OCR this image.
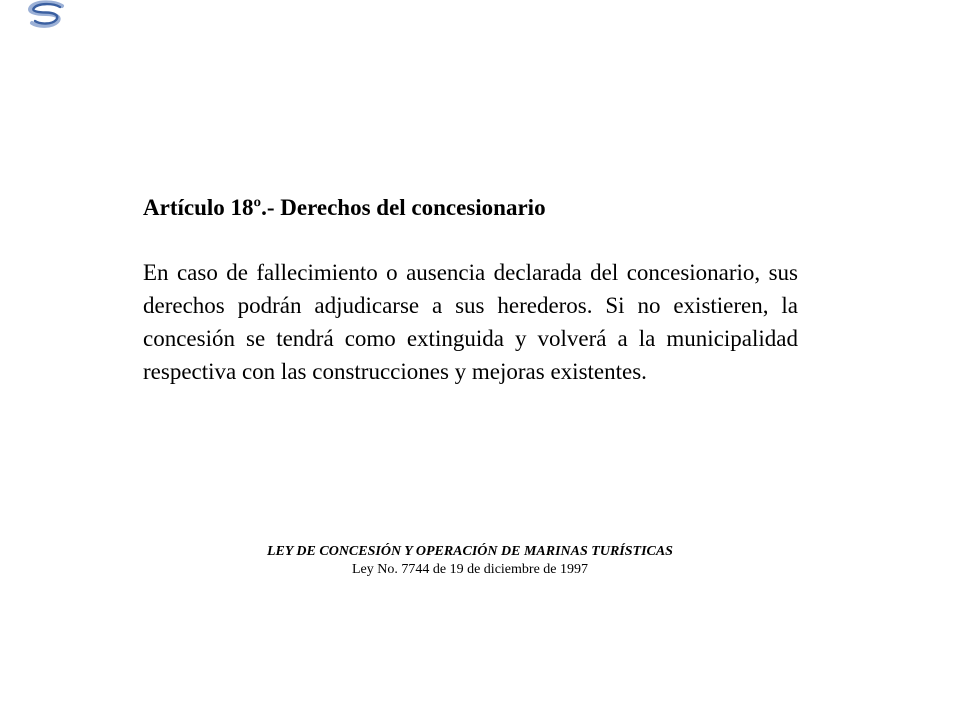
Artículo 18º.- Derechos del concesionario

En caso de fallecimiento o ausencia declarada del concesionario, sus derechos podrán adjudicarse a sus herederos. Si no existieren, la concesión se tendrá como extinguida y volverá a la municipalidad respectiva con las construcciones y mejoras existentes.

LEY DE CONCESIÓN Y OPERACIÓN DE MARINAS TURÍSTICAS
Ley No. 7744 de 19 de diciembre de 1997
